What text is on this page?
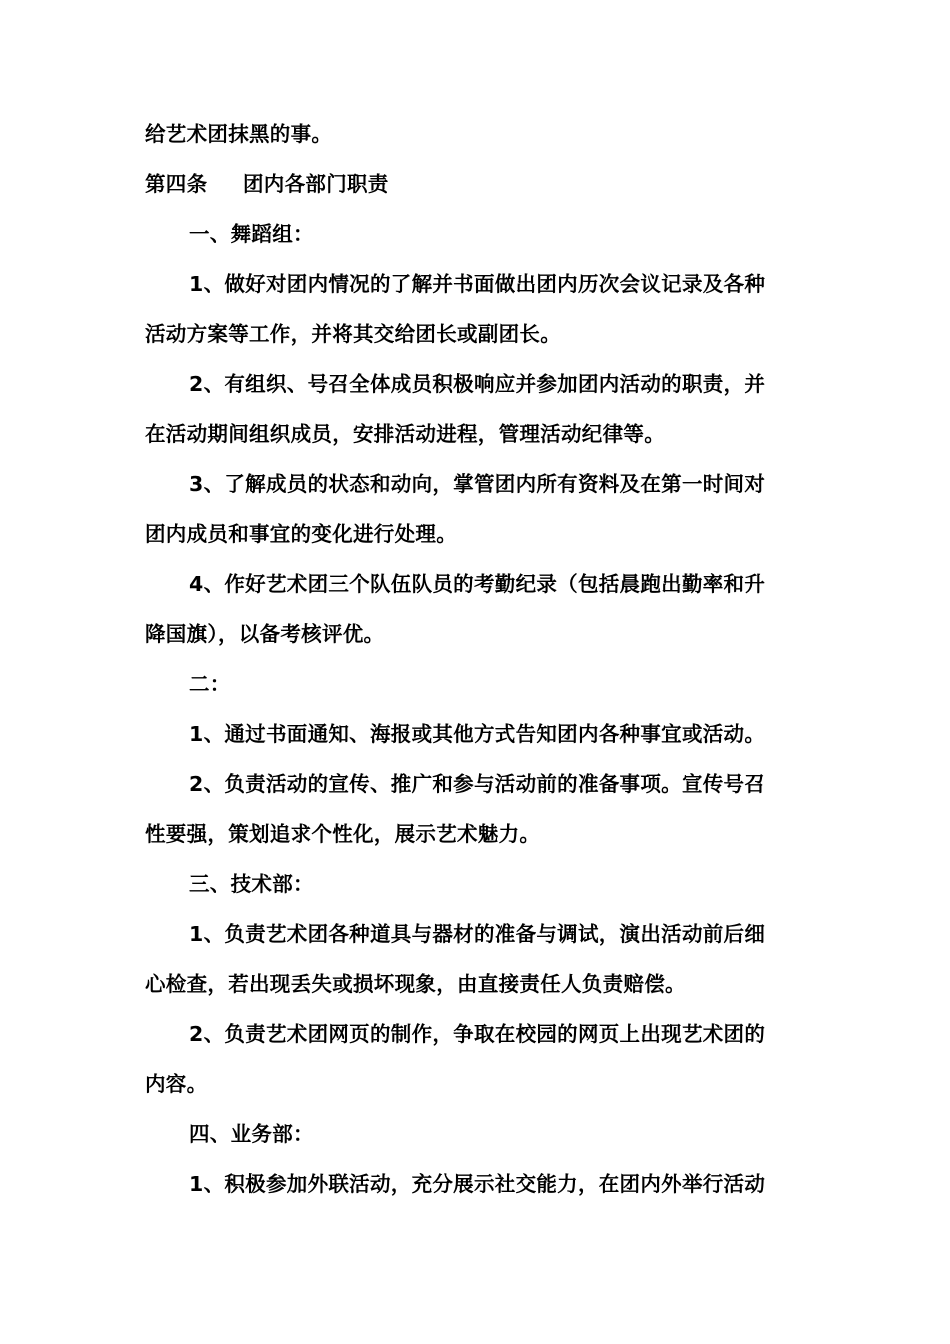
给艺术团抹黑的事。
第四条 团内各部门职责
一、舞蹈组：
1、做好对团内情况的了解并书面做出团内历次会议记录及各种
活动方案等工作，并将其交给团长或副团长。
2、有组织、号召全体成员积极响应并参加团内活动的职责，并
在活动期间组织成员，安排活动进程，管理活动纪律等。
3、了解成员的状态和动向，掌管团内所有资料及在第一时间对
团内成员和事宜的变化进行处理。
4、作好艺术团三个队伍队员的考勤纪录（包括晨跑出勤率和升
降国旗），以备考核评优。
二：
1、通过书面通知、海报或其他方式告知团内各种事宜或活动。
2、负责活动的宣传、推广和参与活动前的准备事项。宣传号召
性要强，策划追求个性化，展示艺术魅力。
三、技术部：
1、负责艺术团各种道具与器材的准备与调试，演出活动前后细
心检查，若出现丢失或损坏现象，由直接责任人负责赔偿。
2、负责艺术团网页的制作，争取在校园的网页上出现艺术团的
内容。
四、业务部：
1、积极参加外联活动，充分展示社交能力，在团内外举行活动
